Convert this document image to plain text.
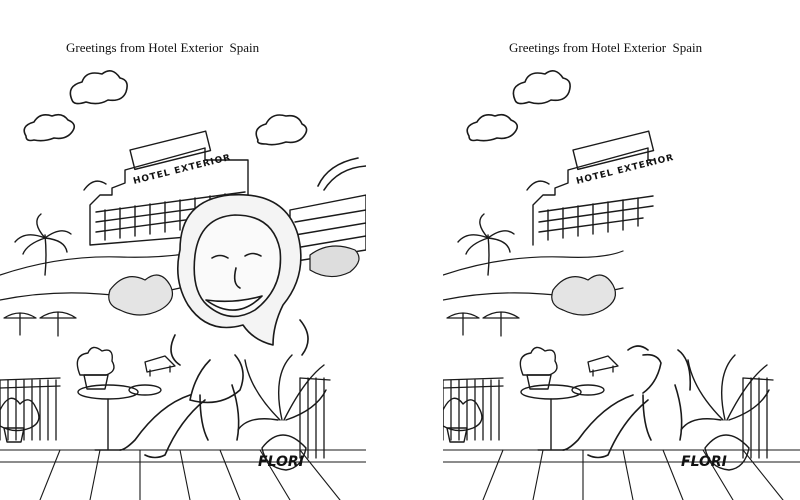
Greetings from Hotel Exterior  Spain
HOTEL EXTERIOR
FLORI
Greetings from Hotel Exterior  Spain
HOTEL EXTERIOR
FLORI
